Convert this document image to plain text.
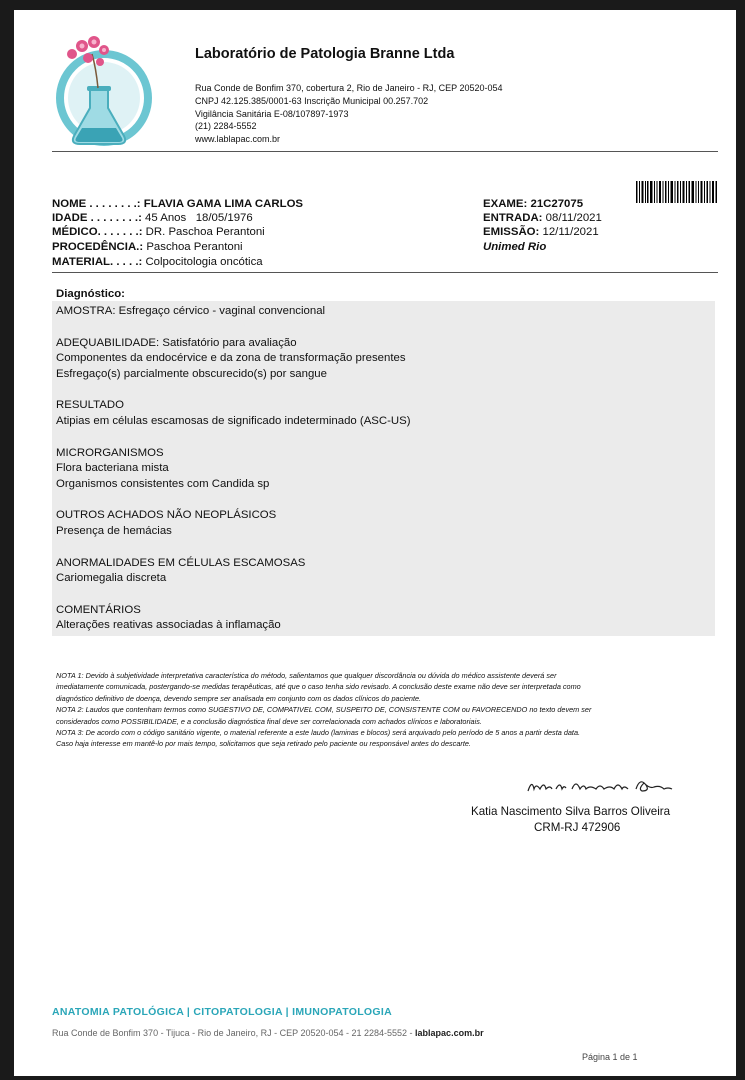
Laboratório de Patologia Branne Ltda
Rua Conde de Bonfim 370, cobertura 2, Rio de Janeiro - RJ, CEP 20520-054
CNPJ 42.125.385/0001-63 Inscrição Municipal 00.257.702
Vigilância Sanitária E-08/107897-1973
(21) 2284-5552
www.lablapac.com.br
NOME . . . . . . . .: FLAVIA GAMA LIMA CARLOS
IDADE . . . . . . . .: 45 Anos 18/05/1976
MÉDICO. . . . . . .: DR. Paschoa Perantoni
PROCEDÊNCIA.: Paschoa Perantoni
MATERIAL. . . . .: Colpocitologia oncótica
EXAME: 21C27075
ENTRADA: 08/11/2021
EMISSÃO: 12/11/2021
Unimed Rio
Diagnóstico:
AMOSTRA: Esfregaço cérvico - vaginal convencional
ADEQUABILIDADE: Satisfatório para avaliação
Componentes da endocérvice e da zona de transformação presentes
Esfregaço(s) parcialmente obscurecido(s) por sangue
RESULTADO
Atipias em células escamosas de significado indeterminado (ASC-US)
MICRORGANISMOS
Flora bacteriana mista
Organismos consistentes com Candida sp
OUTROS ACHADOS NÃO NEOPLÁSICOS
Presença de hemácias
ANORMALIDADES EM CÉLULAS ESCAMOSAS
Cariomegalia discreta
COMENTÁRIOS
Alterações reativas associadas à inflamação
NOTA 1: Devido à subjetividade interpretativa característica do método, salientamos que qualquer discordância ou dúvida do médico assistente deverá ser
imediatamente comunicada, postergando-se medidas terapêuticas, até que o caso tenha sido revisado. A conclusão deste exame não deve ser interpretada como
diagnóstico definitivo de doença, devendo sempre ser analisada em conjunto com os dados clínicos do paciente.
NOTA 2: Laudos que contenham termos como SUGESTIVO DE, COMPATIVEL COM, SUSPEITO DE, CONSISTENTE COM ou FAVORECENDO no texto devem ser
considerados como POSSIBILIDADE, e a conclusão diagnóstica final deve ser correlacionada com achados clínicos e laboratoriais.
NOTA 3: De acordo com o código sanitário vigente, o material referente a este laudo (laminas e blocos) será arquivado pelo período de 5 anos a partir desta data.
Caso haja interesse em mantê-lo por mais tempo, solicitamos que seja retirado pelo paciente ou responsável antes do descarte.
Katia Nascimento Silva Barros Oliveira
CRM-RJ 472906
ANATOMIA PATOLÓGICA | CITOPATOLOGIA | IMUNOPATOLOGIA
Rua Conde de Bonfim 370 - Tijuca - Rio de Janeiro, RJ - CEP 20520-054 - 21 2284-5552 - lablapac.com.br
Página 1 de 1
